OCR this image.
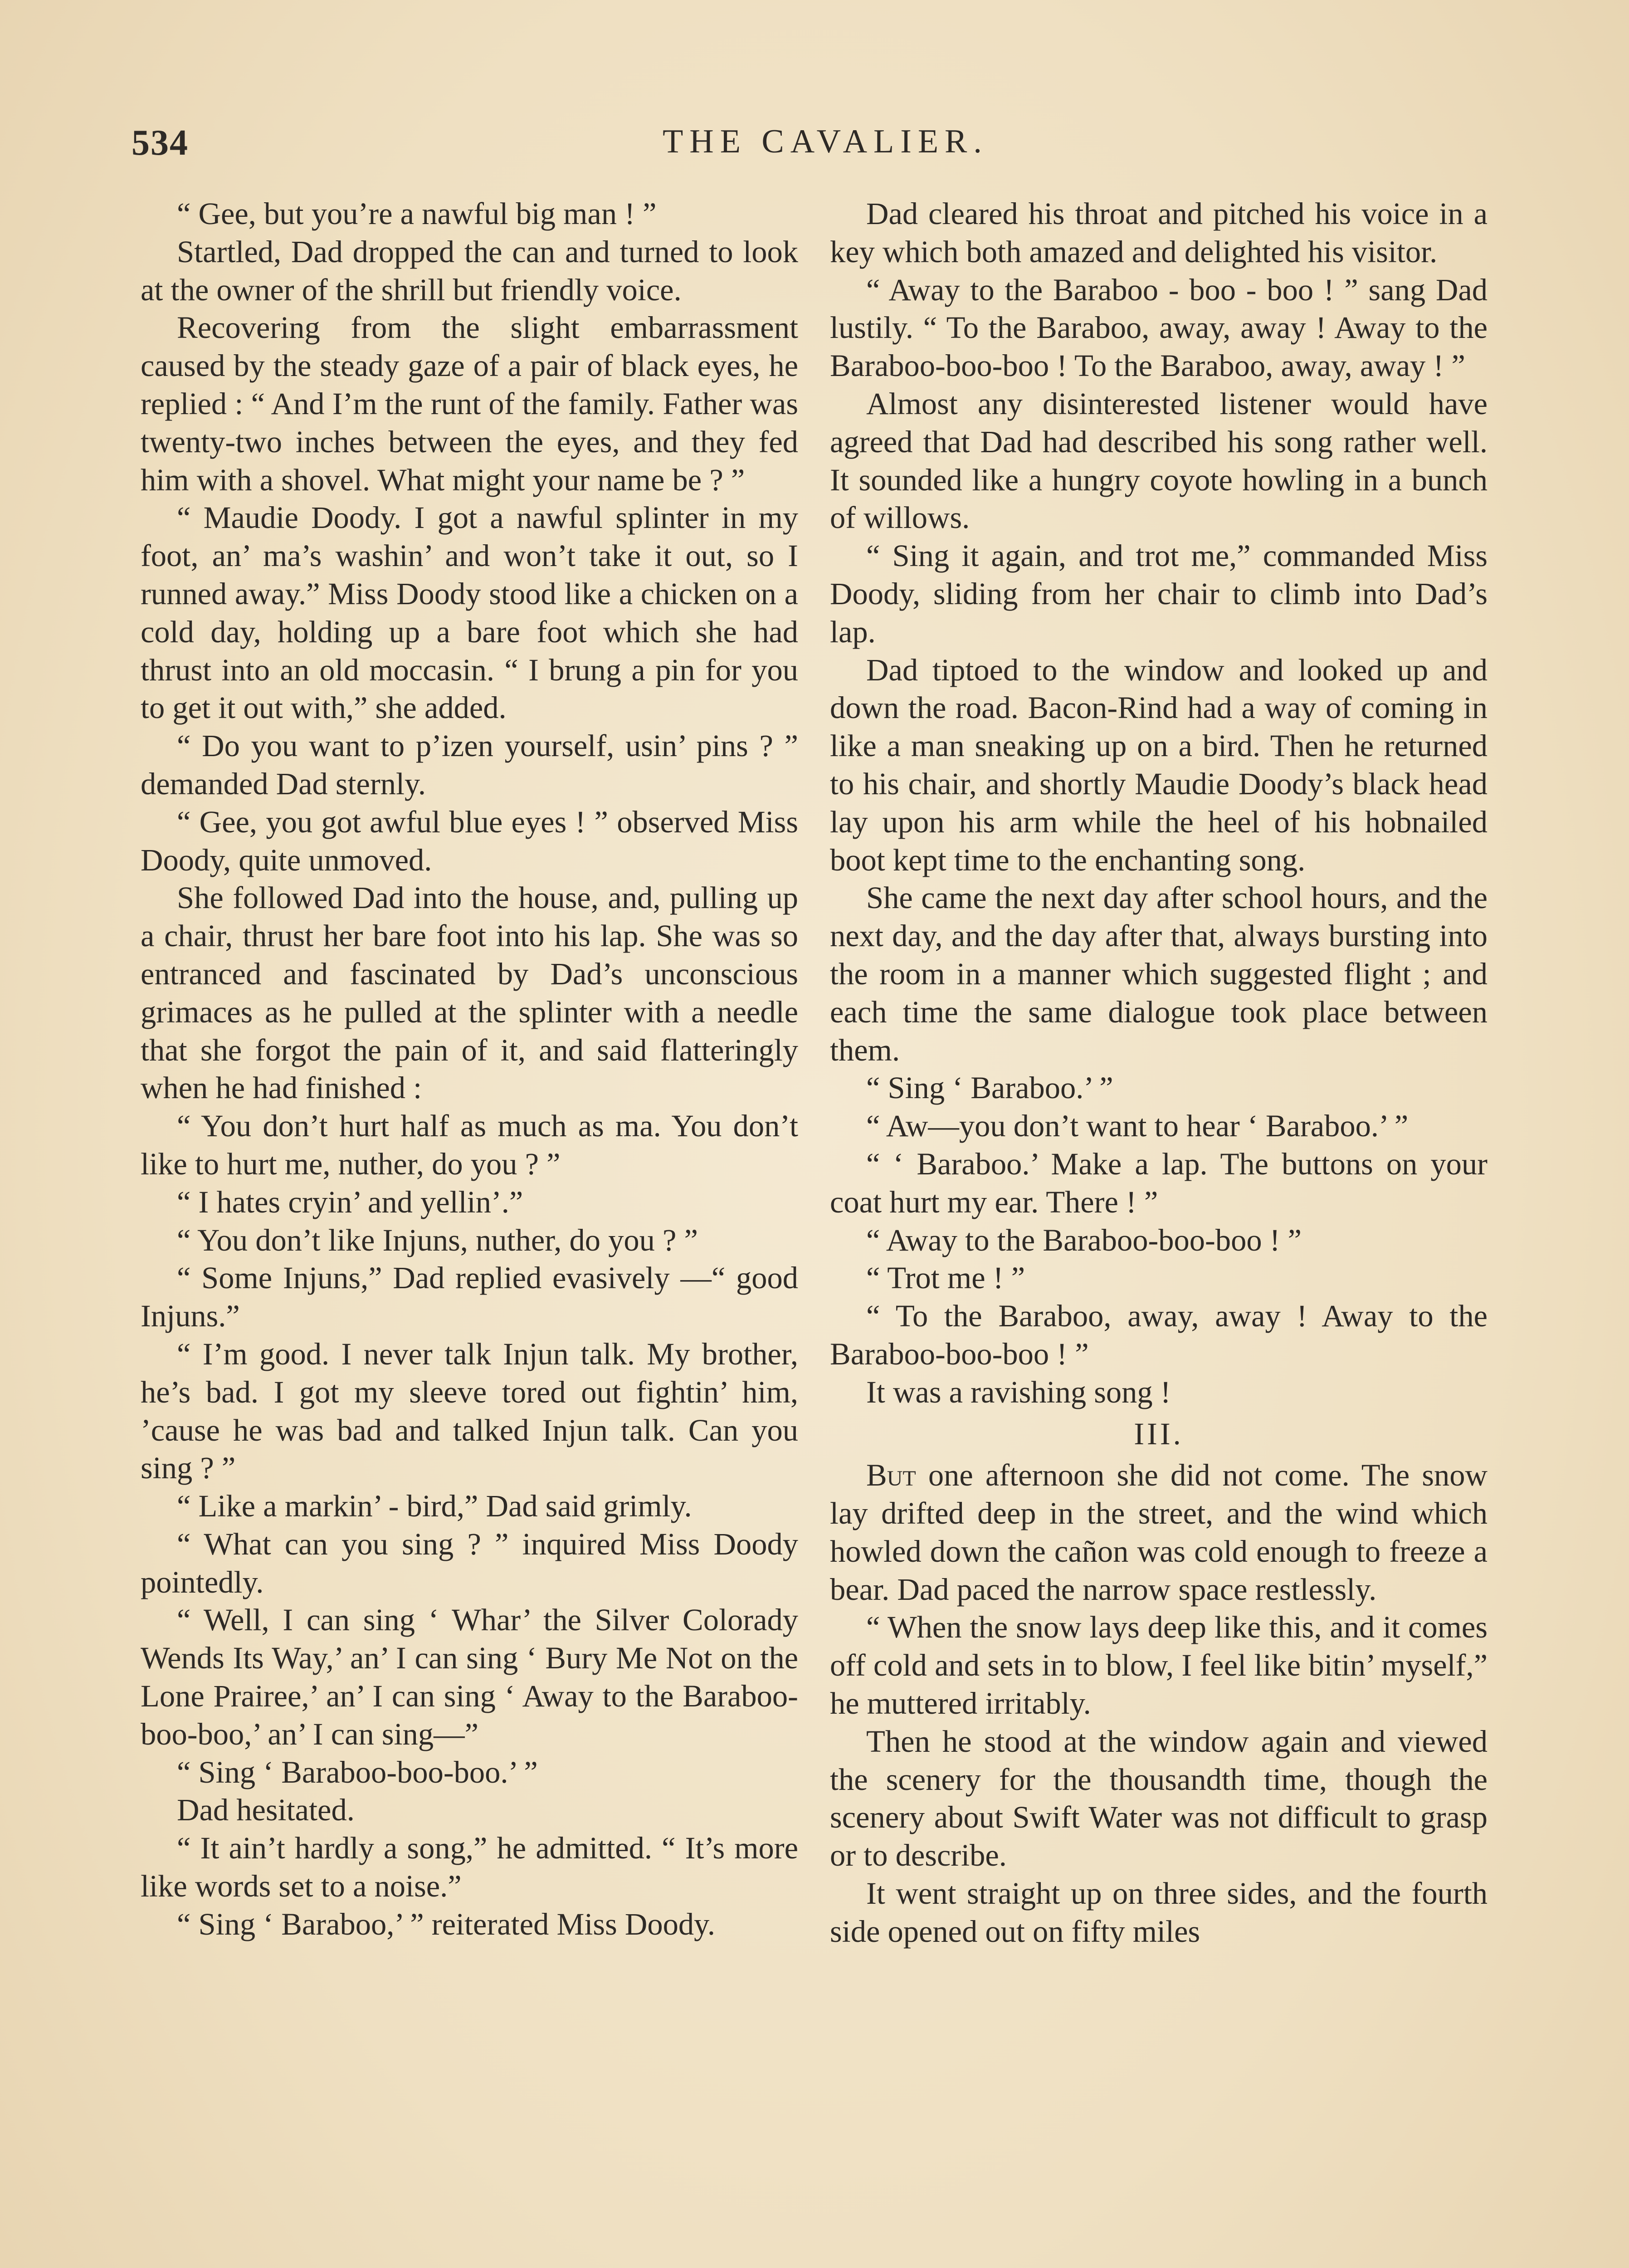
534	THE CAVALIER.

“ Gee, but you’re a nawful big man ! ”

Startled, Dad dropped the can and turned to look at the owner of the shrill but friendly voice.

Recovering from the slight embarrassment caused by the steady gaze of a pair of black eyes, he replied : “ And I’m the runt of the family. Father was twenty-two inches between the eyes, and they fed him with a shovel. What might your name be ? ”

“ Maudie Doody. I got a nawful splinter in my foot, an’ ma’s washin’ and won’t take it out, so I runned away.” Miss Doody stood like a chicken on a cold day, holding up a bare foot which she had thrust into an old moccasin. “ I brung a pin for you to get it out with,” she added.

“ Do you want to p’izen yourself, usin’ pins ? ” demanded Dad sternly.

“ Gee, you got awful blue eyes ! ” observed Miss Doody, quite unmoved.

She followed Dad into the house, and, pulling up a chair, thrust her bare foot into his lap. She was so entranced and fascinated by Dad’s unconscious grimaces as he pulled at the splinter with a needle that she forgot the pain of it, and said flatteringly when he had finished :

“ You don’t hurt half as much as ma. You don’t like to hurt me, nuther, do you ? ”

“ I hates cryin’ and yellin’.”

“ You don’t like Injuns, nuther, do you ? ”

“ Some Injuns,” Dad replied evasively —“ good Injuns.”

“ I’m good. I never talk Injun talk. My brother, he’s bad. I got my sleeve tored out fightin’ him, ’cause he was bad and talked Injun talk. Can you sing ? ”

“ Like a markin’ - bird,” Dad said grimly.

“ What can you sing ? ” inquired Miss Doody pointedly.

“ Well, I can sing ‘ Whar’ the Silver Colorady Wends Its Way,’ an’ I can sing ‘ Bury Me Not on the Lone Prairee,’ an’ I can sing ‘ Away to the Baraboo-boo-boo,’ an’ I can sing—”

“ Sing ‘ Baraboo-boo-boo.’ ”

Dad hesitated.

“ It ain’t hardly a song,” he admitted. “ It’s more like words set to a noise.”

“ Sing ‘ Baraboo,’ ” reiterated Miss Doody.

Dad cleared his throat and pitched his voice in a key which both amazed and delighted his visitor.

“ Away to the Baraboo - boo - boo ! ” sang Dad lustily. “ To the Baraboo, away, away ! Away to the Baraboo-boo-boo ! To the Baraboo, away, away ! ”

Almost any disinterested listener would have agreed that Dad had described his song rather well. It sounded like a hungry coyote howling in a bunch of willows.

“ Sing it again, and trot me,” commanded Miss Doody, sliding from her chair to climb into Dad’s lap.

Dad tiptoed to the window and looked up and down the road. Bacon-Rind had a way of coming in like a man sneaking up on a bird. Then he returned to his chair, and shortly Maudie Doody’s black head lay upon his arm while the heel of his hobnailed boot kept time to the enchanting song.

She came the next day after school hours, and the next day, and the day after that, always bursting into the room in a manner which suggested flight ; and each time the same dialogue took place between them.

“ Sing ‘ Baraboo.’ ”

“ Aw—you don’t want to hear ‘ Baraboo.’ ”

“ ‘ Baraboo.’ Make a lap. The buttons on your coat hurt my ear. There ! ”

“ Away to the Baraboo-boo-boo ! ”

“ Trot me ! ”

“ To the Baraboo, away, away ! Away to the Baraboo-boo-boo ! ”

It was a ravishing song !

III.

But one afternoon she did not come. The snow lay drifted deep in the street, and the wind which howled down the cañon was cold enough to freeze a bear. Dad paced the narrow space restlessly.

“ When the snow lays deep like this, and it comes off cold and sets in to blow, I feel like bitin’ myself,” he muttered irritably.

Then he stood at the window again and viewed the scenery for the thousandth time, though the scenery about Swift Water was not difficult to grasp or to describe.

It went straight up on three sides, and the fourth side opened out on fifty miles
